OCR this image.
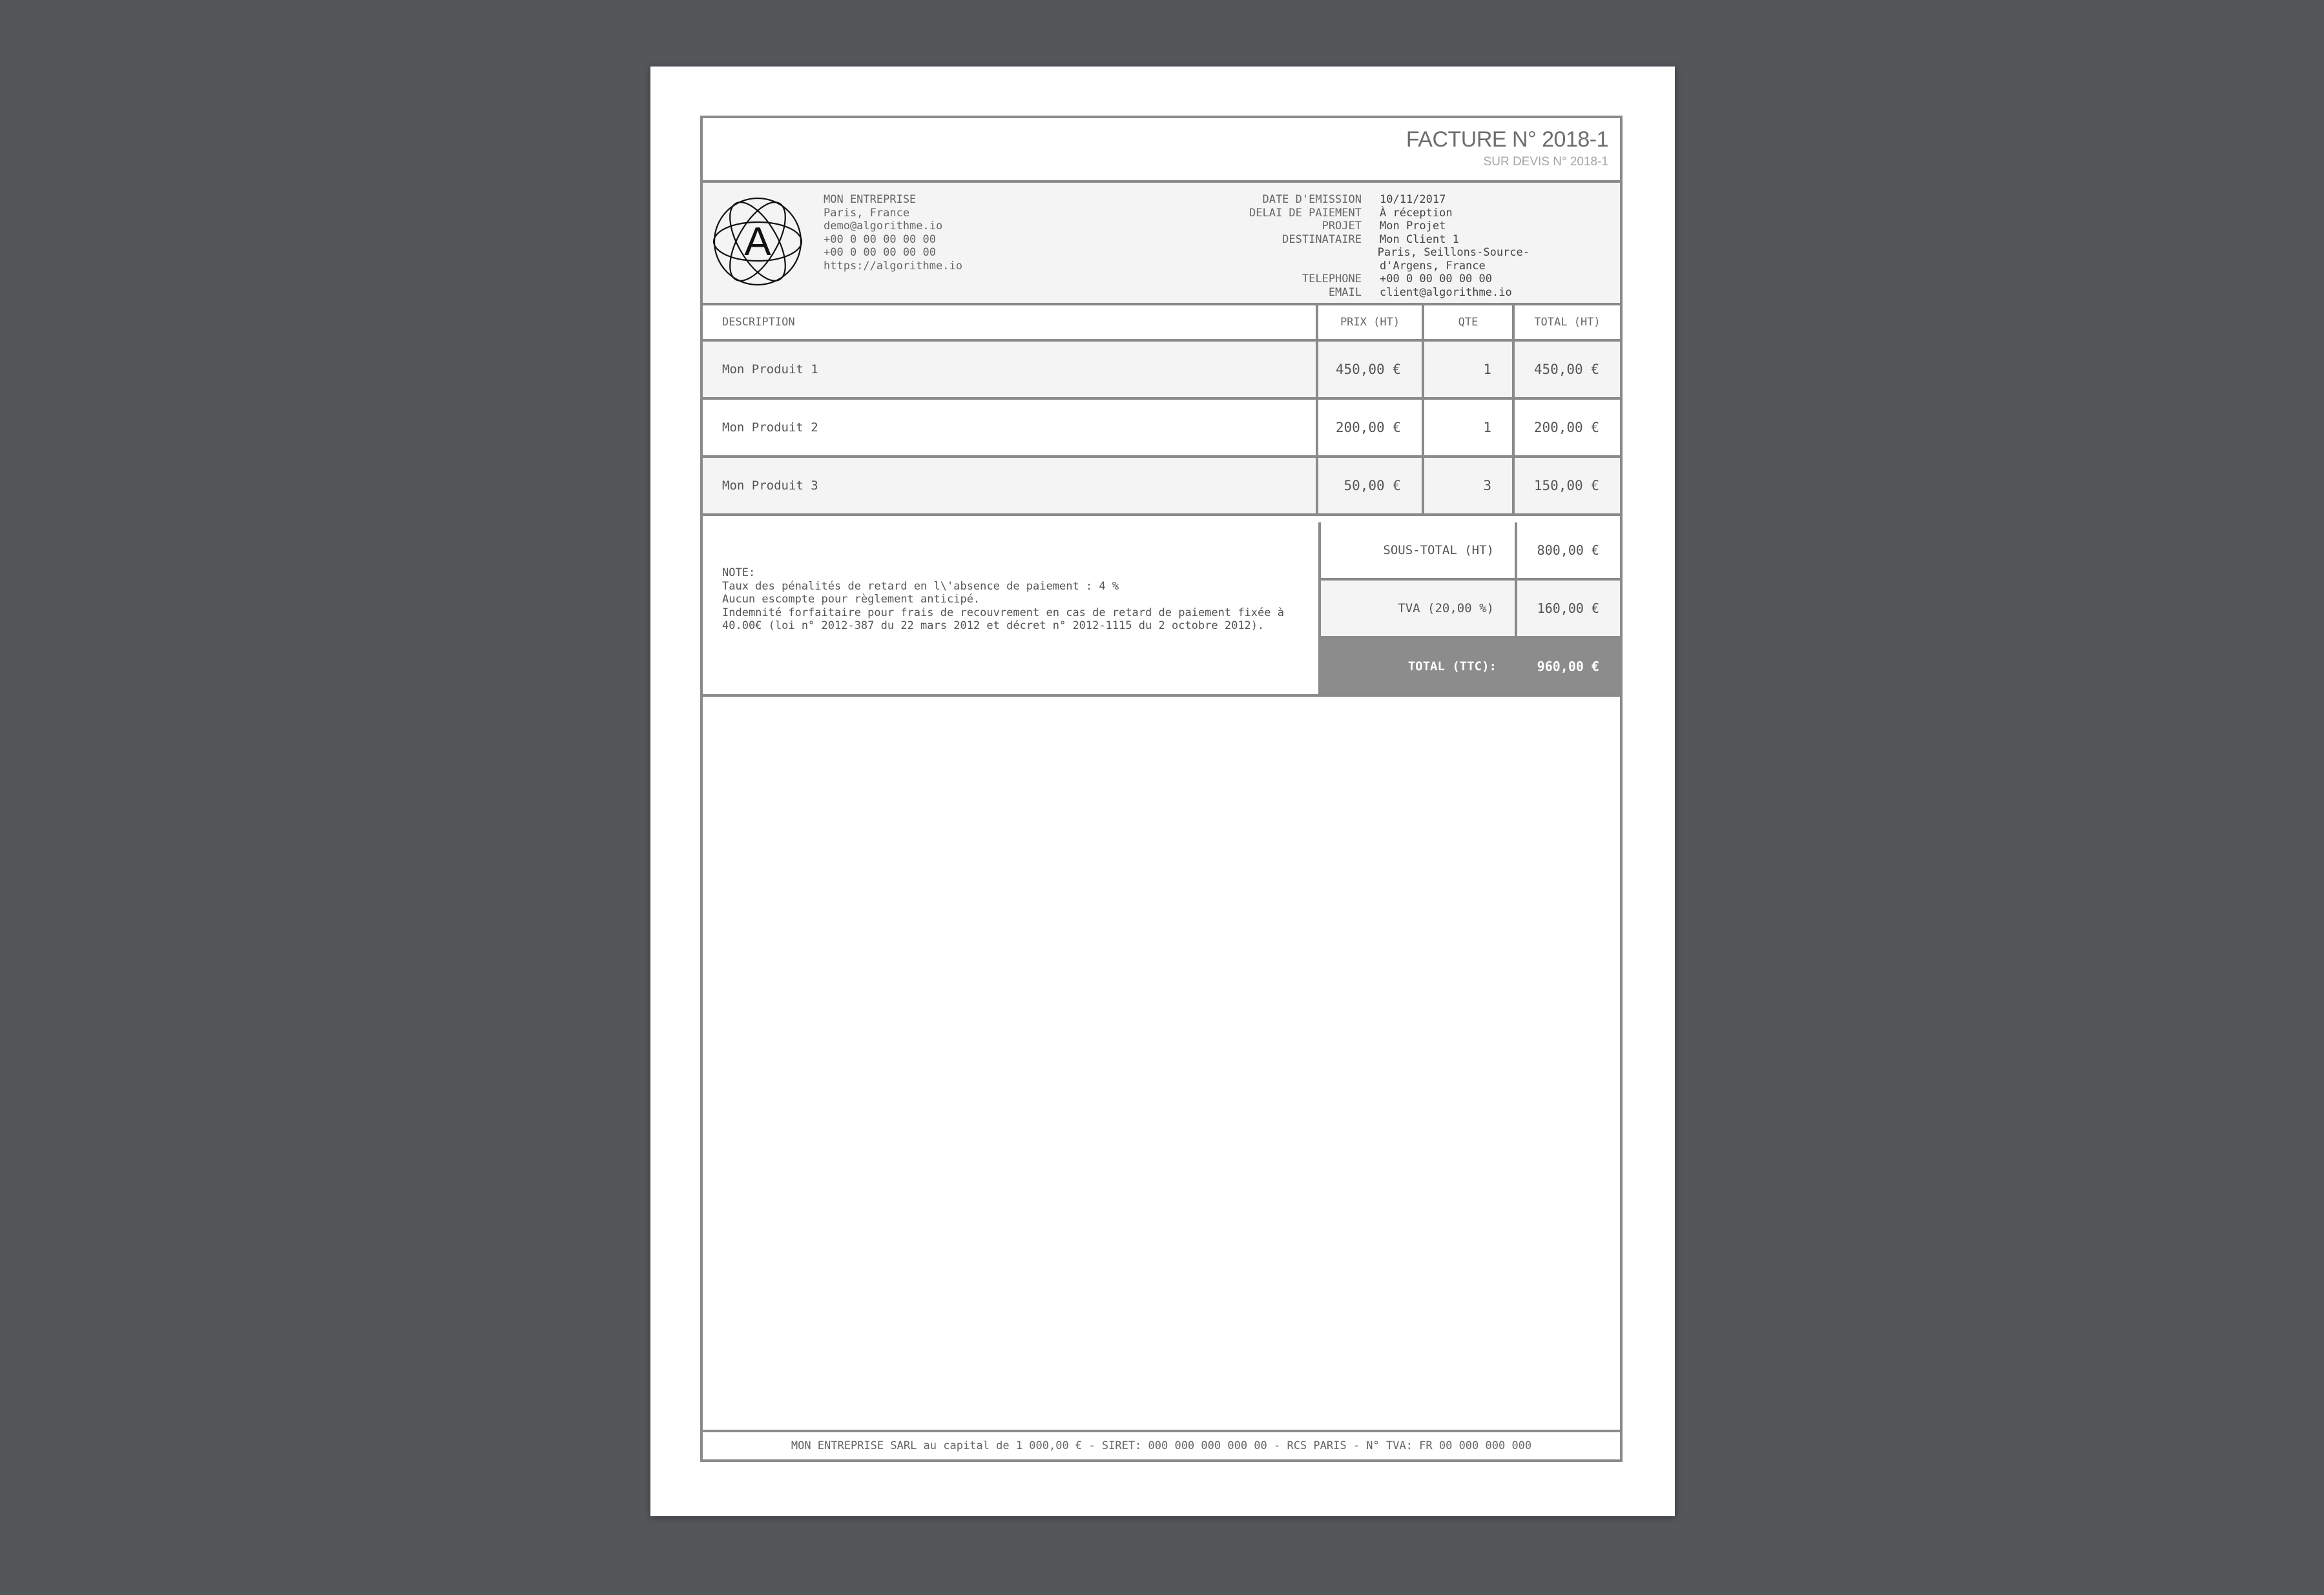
FACTURE N° 2018-1
SUR DEVIS N° 2018-1
A
MON ENTREPRISE
Paris, France
demo@algorithme.io
+00 0 00 00 00 00
+00 0 00 00 00 00
https://algorithme.io
DATE D'EMISSION	10/11/2017
DELAI DE PAIEMENT	À réception
PROJET	Mon Projet
DESTINATAIRE	Mon Client 1
Paris, Seillons-Source-
d'Argens, France
TELEPHONE	+00 0 00 00 00 00
EMAIL	client@algorithme.io
DESCRIPTION	PRIX (HT)	QTE	TOTAL (HT)
Mon Produit 1	450,00 €	1	450,00 €
Mon Produit 2	200,00 €	1	200,00 €
Mon Produit 3	50,00 €	3	150,00 €
NOTE:
Taux des pénalités de retard en l\'absence de paiement : 4 %
Aucun escompte pour règlement anticipé.
Indemnité forfaitaire pour frais de recouvrement en cas de retard de paiement fixée à
40.00€ (loi n° 2012-387 du 22 mars 2012 et décret n° 2012-1115 du 2 octobre 2012).
SOUS-TOTAL (HT)	800,00 €
TVA (20,00 %)	160,00 €
TOTAL (TTC):	960,00 €
MON ENTREPRISE SARL au capital de 1 000,00 € - SIRET: 000 000 000 000 00 - RCS PARIS - N° TVA: FR 00 000 000 000
